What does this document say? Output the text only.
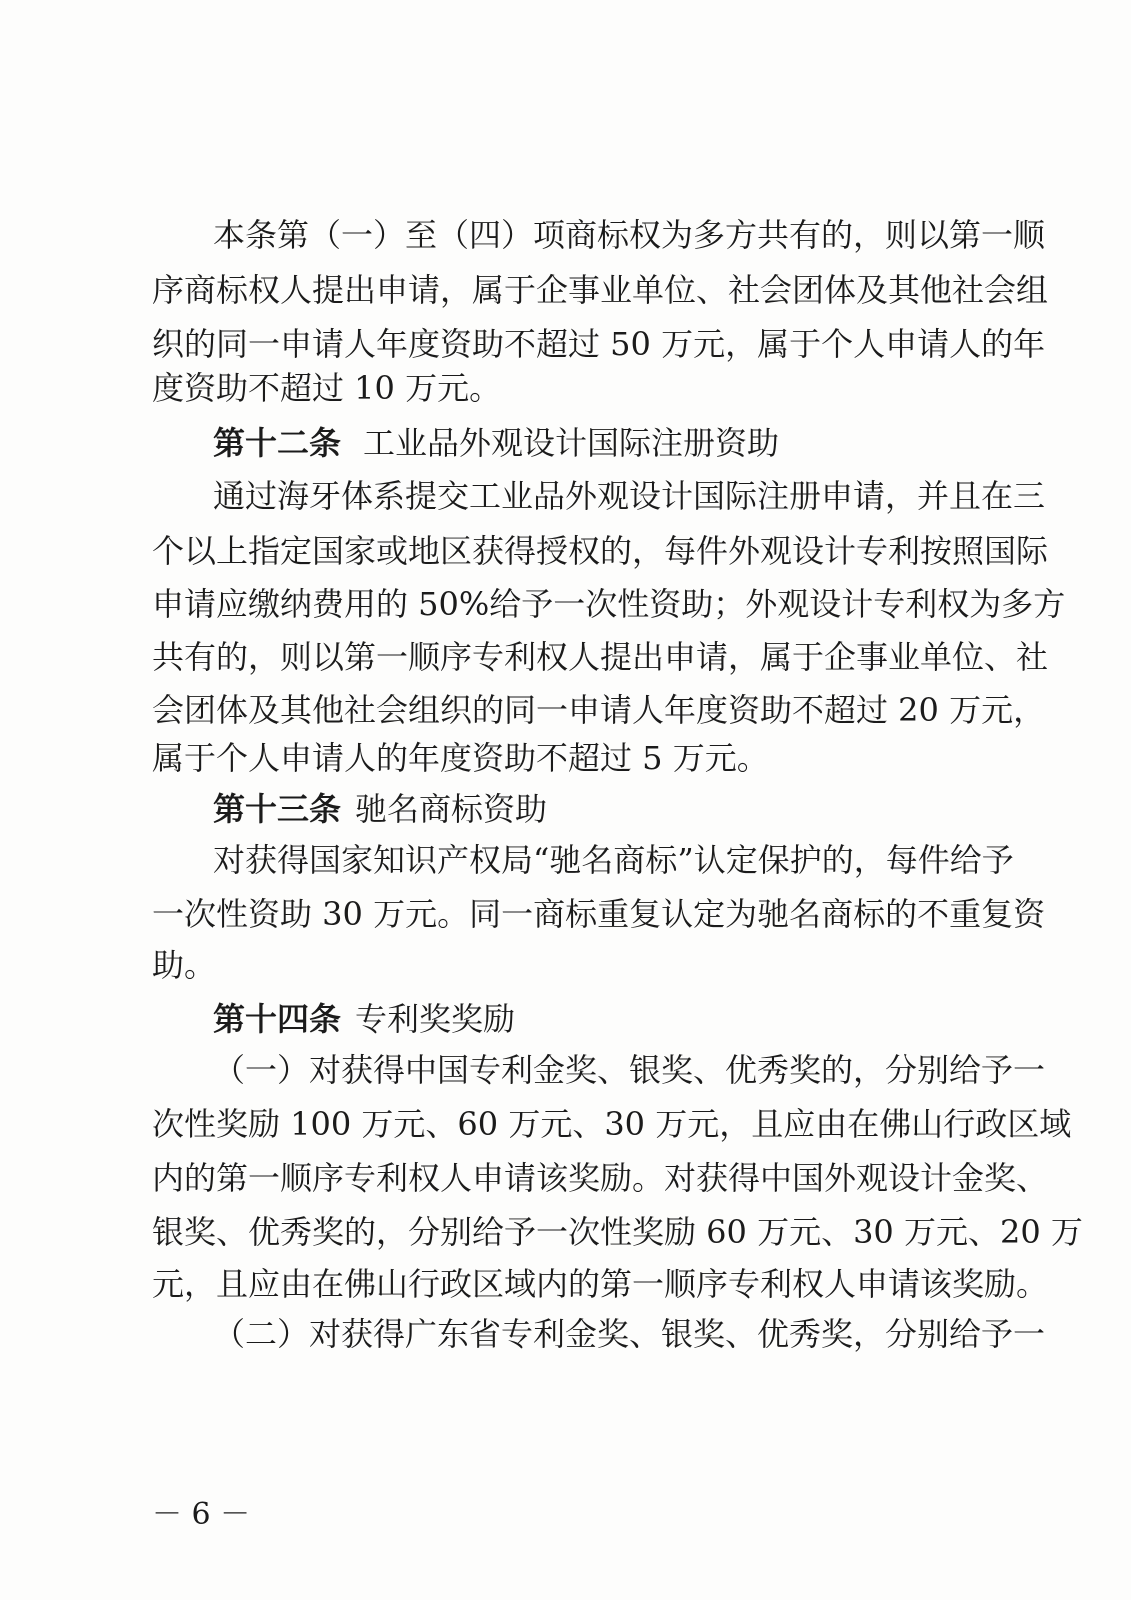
本条第（一）至（四）项商标权为多方共有的，则以第一顺
序商标权人提出申请，属于企事业单位、社会团体及其他社会组
织的同一申请人年度资助不超过 50 万元，属于个人申请人的年
度资助不超过 10 万元。
第十二条 工业品外观设计国际注册资助
通过海牙体系提交工业品外观设计国际注册申请，并且在三
个以上指定国家或地区获得授权的，每件外观设计专利按照国际
申请应缴纳费用的 50%给予一次性资助；外观设计专利权为多方
共有的，则以第一顺序专利权人提出申请，属于企事业单位、社
会团体及其他社会组织的同一申请人年度资助不超过 20 万元，
属于个人申请人的年度资助不超过 5 万元。
第十三条 驰名商标资助
对获得国家知识产权局“驰名商标”认定保护的，每件给予
一次性资助 30 万元。同一商标重复认定为驰名商标的不重复资
助。
第十四条 专利奖奖励
（一）对获得中国专利金奖、银奖、优秀奖的，分别给予一
次性奖励 100 万元、60 万元、30 万元，且应由在佛山行政区域
内的第一顺序专利权人申请该奖励。对获得中国外观设计金奖、
银奖、优秀奖的，分别给予一次性奖励 60 万元、30 万元、20 万
元，且应由在佛山行政区域内的第一顺序专利权人申请该奖励。
（二）对获得广东省专利金奖、银奖、优秀奖，分别给予一
－ 6 －
